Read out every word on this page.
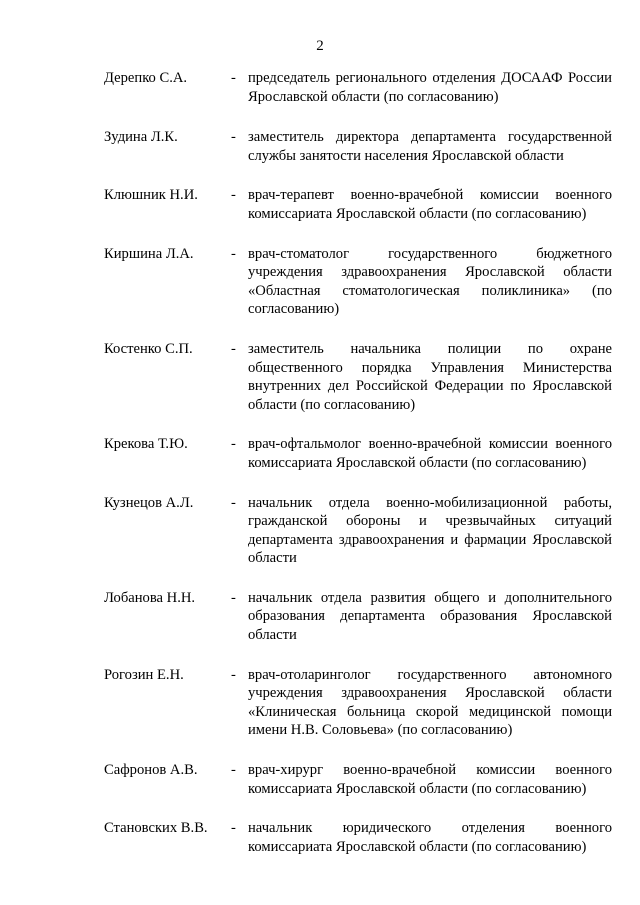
2
Дерепко С.А.	- председатель регионального отделения ДОСААФ России Ярославской области (по согласованию)
Зудина Л.К.	- заместитель директора департамента государственной службы занятости населения Ярославской области
Клюшник Н.И. - врач-терапевт военно-врачебной комиссии военного комиссариата Ярославской области (по согласованию)
Киршина Л.А.	- врач-стоматолог государственного бюджетного учреждения здравоохранения Ярославской области «Областная стоматологическая поликлиника» (по согласованию)
Костенко С.П.	- заместитель начальника полиции по охране общественного порядка Управления Министерства внутренних дел Российской Федерации по Ярославской области (по согласованию)
Крекова Т.Ю.	- врач-офтальмолог военно-врачебной комиссии военного комиссариата Ярославской области (по согласованию)
Кузнецов А.Л.	- начальник отдела военно-мобилизационной работы, гражданской обороны и чрезвычайных ситуаций департамента здравоохранения и фармации Ярославской области
Лобанова Н.Н. - начальник отдела развития общего и дополнительного образования департамента образования Ярославской области
Рогозин Е.Н.	- врач-отоларинголог государственного автономного учреждения здравоохранения Ярославской области «Клиническая больница скорой медицинской помощи имени Н.В. Соловьева» (по согласованию)
Сафронов А.В. - врач-хирург военно-врачебной комиссии военного комиссариата Ярославской области (по согласованию)
Становских В.В. - начальник юридического отделения военного комиссариата Ярославской области (по согласованию)
